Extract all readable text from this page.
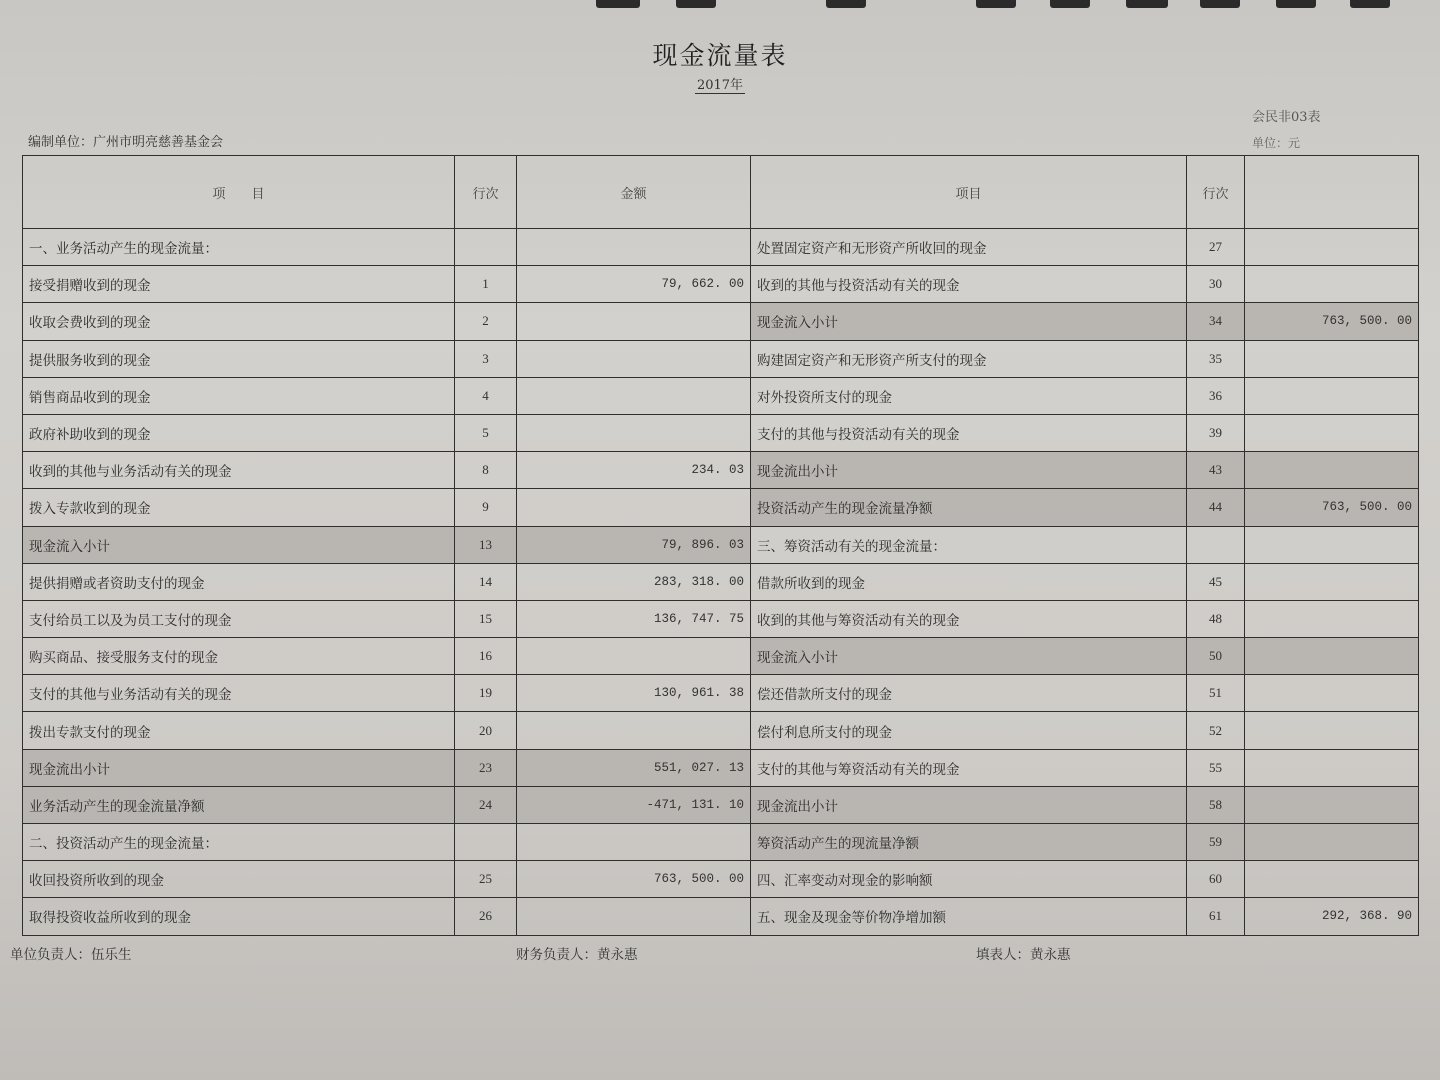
现金流量表
2017年
会民非03表
单位：元
编制单位：广州市明亮慈善基金会
项　　目	行次	金额	项目	行次	
一、业务活动产生的现金流量：			处置固定资产和无形资产所收回的现金	27	
接受捐赠收到的现金	1	79, 662. 00	收到的其他与投资活动有关的现金	30	
收取会费收到的现金	2		现金流入小计	34	763, 500. 00
提供服务收到的现金	3		购建固定资产和无形资产所支付的现金	35	
销售商品收到的现金	4		对外投资所支付的现金	36	
政府补助收到的现金	5		支付的其他与投资活动有关的现金	39	
收到的其他与业务活动有关的现金	8	234. 03	现金流出小计	43	
拨入专款收到的现金	9		投资活动产生的现金流量净额	44	763, 500. 00
现金流入小计	13	79, 896. 03	三、筹资活动有关的现金流量：		
提供捐赠或者资助支付的现金	14	283, 318. 00	借款所收到的现金	45	
支付给员工以及为员工支付的现金	15	136, 747. 75	收到的其他与筹资活动有关的现金	48	
购买商品、接受服务支付的现金	16		现金流入小计	50	
支付的其他与业务活动有关的现金	19	130, 961. 38	偿还借款所支付的现金	51	
拨出专款支付的现金	20		偿付利息所支付的现金	52	
现金流出小计	23	551, 027. 13	支付的其他与筹资活动有关的现金	55	
业务活动产生的现金流量净额	24	-471, 131. 10	现金流出小计	58	
二、投资活动产生的现金流量：			筹资活动产生的现流量净额	59	
收回投资所收到的现金	25	763, 500. 00	四、汇率变动对现金的影响额	60	
取得投资收益所收到的现金	26		五、现金及现金等价物净增加额	61	292, 368. 90
单位负责人：伍乐生	财务负责人：黄永惠	填表人：黄永惠
